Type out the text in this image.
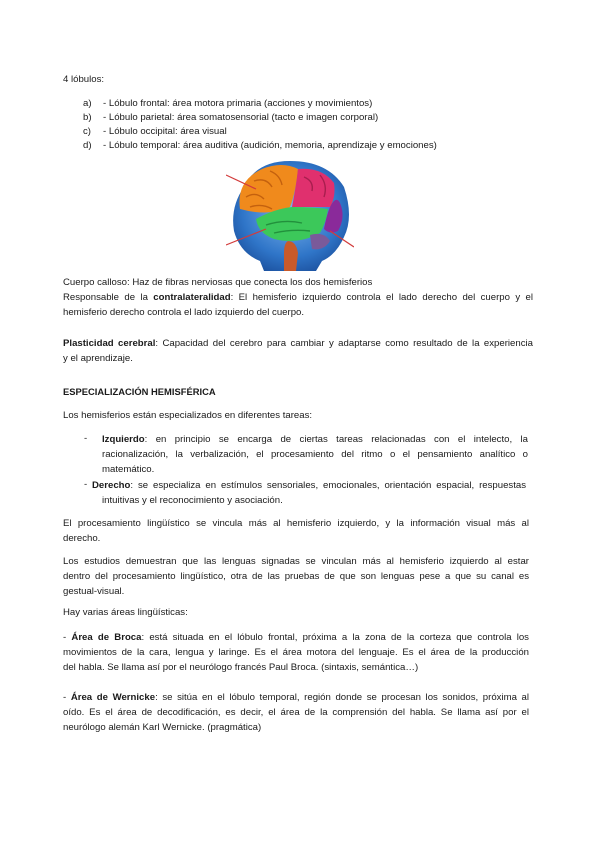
4 lóbulos:
a) - Lóbulo frontal: área motora primaria (acciones y movimientos)
b) - Lóbulo parietal: área somatosensorial (tacto e imagen corporal)
c) - Lóbulo occipital: área visual
d) - Lóbulo temporal: área auditiva (audición, memoria, aprendizaje y emociones)
Cuerpo calloso: Haz de fibras nerviosas que conecta los dos hemisferios
Responsable de la contralateralidad: El hemisferio izquierdo controla el lado derecho del cuerpo y el
hemisferio derecho controla el lado izquierdo del cuerpo.
Plasticidad cerebral: Capacidad del cerebro para cambiar y adaptarse como resultado de la experiencia
y el aprendizaje.
ESPECIALIZACIÓN HEMISFÉRICA
Los hemisferios están especializados en diferentes tareas:
- Izquierdo: en principio se encarga de ciertas tareas relacionadas con el intelecto, la
racionalización, la verbalización, el procesamiento del ritmo o el pensamiento analítico o
matemático.
- Derecho: se especializa en estímulos sensoriales, emocionales, orientación espacial, respuestas
intuitivas y el reconocimiento y asociación.
El procesamiento lingüístico se vincula más al hemisferio izquierdo, y la información visual más al
derecho.
Los estudios demuestran que las lenguas signadas se vinculan más al hemisferio izquierdo al estar
dentro del procesamiento lingüístico, otra de las pruebas de que son lenguas pese a que su canal es
gestual-visual.
Hay varias áreas lingüísticas:
- Área de Broca: está situada en el lóbulo frontal, próxima a la zona de la corteza que controla los
movimientos de la cara, lengua y laringe. Es el área motora del lenguaje. Es el área de la producción
del habla. Se llama así por el neurólogo francés Paul Broca. (sintaxis, semántica…)
- Área de Wernicke: se sitúa en el lóbulo temporal, región donde se procesan los sonidos, próxima al
oído. Es el área de decodificación, es decir, el área de la comprensión del habla. Se llama así por el
neurólogo alemán Karl Wernicke. (pragmática)
